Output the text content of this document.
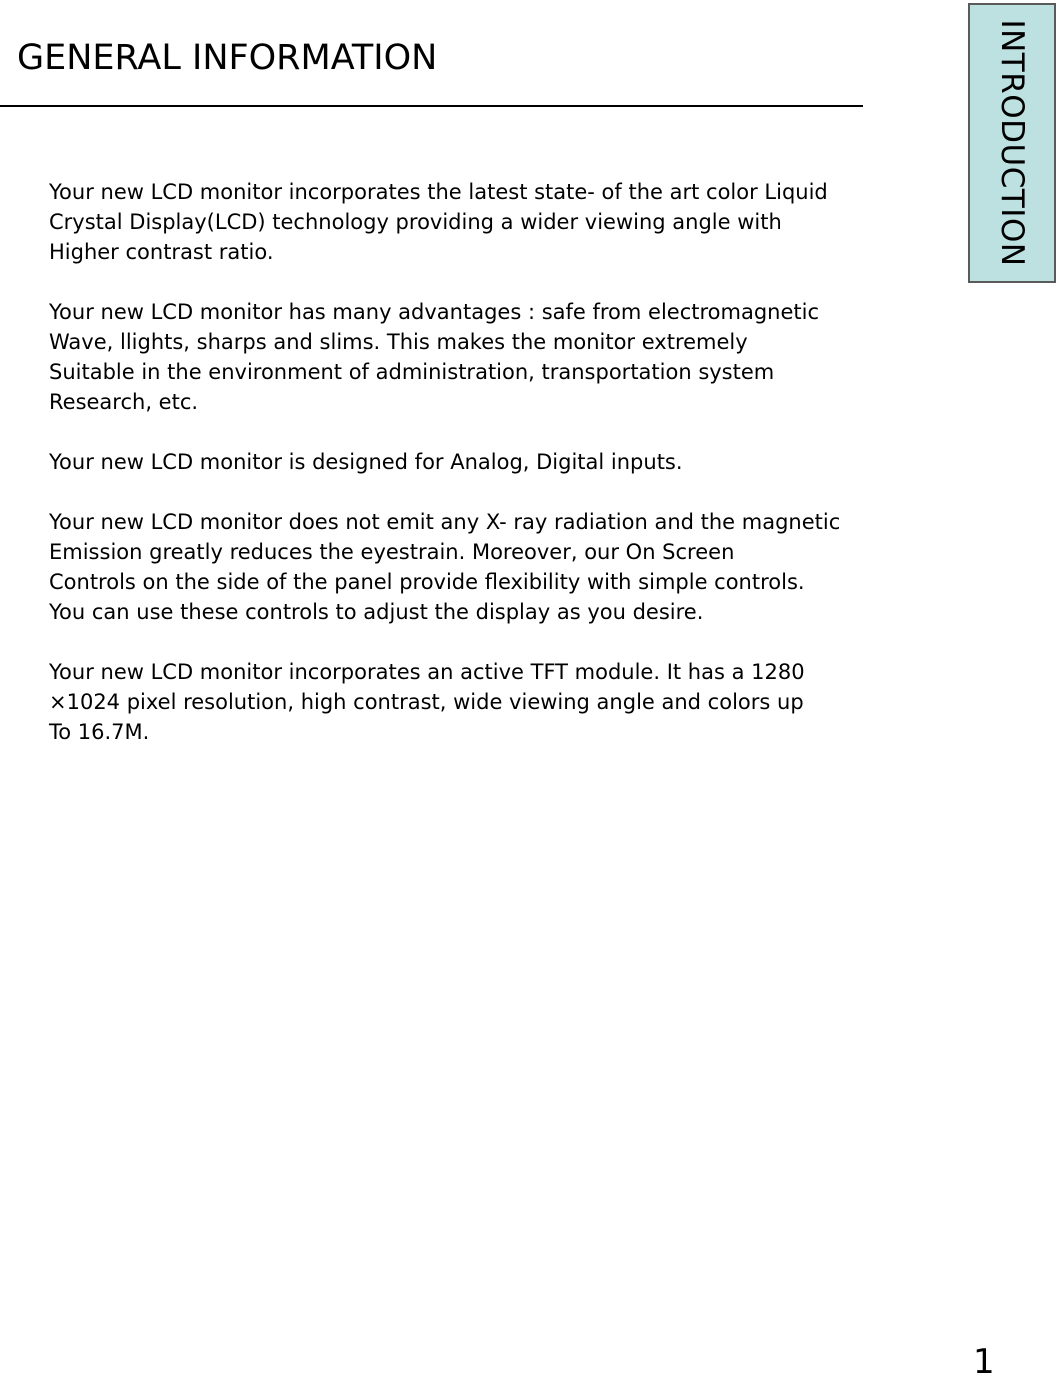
GENERAL INFORMATION	INTRODUCTION

Your new LCD monitor incorporates the latest state- of the art color Liquid
Crystal Display(LCD) technology providing a wider viewing angle with
Higher contrast ratio.

Your new LCD monitor has many advantages : safe from electromagnetic
Wave, llights, sharps and slims. This makes the monitor extremely
Suitable in the environment of administration, transportation system
Research, etc.

Your new LCD monitor is designed for Analog, Digital inputs.

Your new LCD monitor does not emit any X- ray radiation and the magnetic
Emission greatly reduces the eyestrain. Moreover, our On Screen
Controls on the side of the panel provide flexibility with simple controls.
You can use these controls to adjust the display as you desire.

Your new LCD monitor incorporates an active TFT module. It has a 1280
×1024 pixel resolution, high contrast, wide viewing angle and colors up
To 16.7M.

1
